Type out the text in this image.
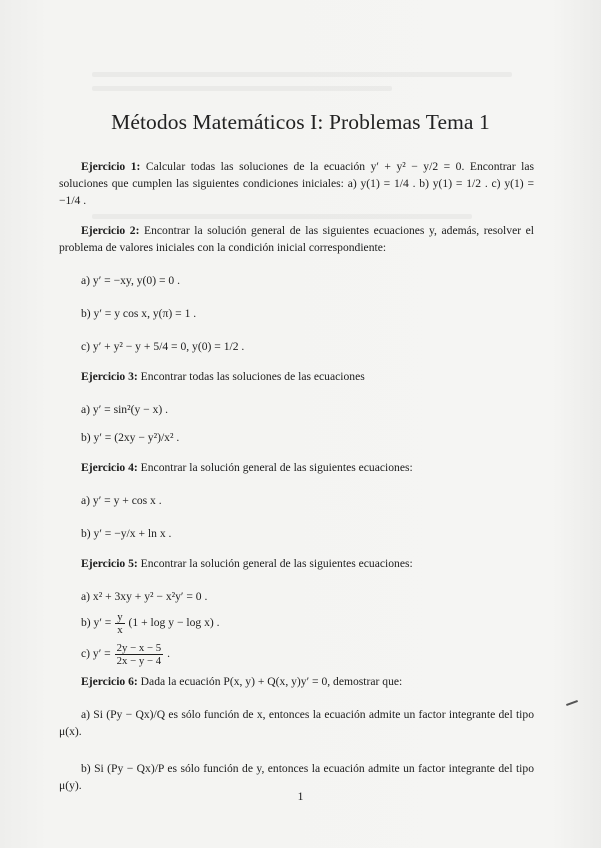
Métodos Matemáticos I: Problemas Tema 1

Ejercicio 1: Calcular todas las soluciones de la ecuación y′ + y² − y/2 = 0. Encontrar las soluciones que cumplen las siguientes condiciones iniciales: a) y(1) = 1/4 . b) y(1) = 1/2 . c) y(1) = −1/4 .

Ejercicio 2: Encontrar la solución general de las siguientes ecuaciones y, además, resolver el problema de valores iniciales con la condición inicial correspondiente:

a) y′ = −xy, y(0) = 0 .

b) y′ = y cos x, y(π) = 1 .

c) y′ + y² − y + 5/4 = 0, y(0) = 1/2 .

Ejercicio 3: Encontrar todas las soluciones de las ecuaciones

a) y′ = sin²(y − x) .

b) y′ = (2xy − y²)/x² .

Ejercicio 4: Encontrar la solución general de las siguientes ecuaciones:

a) y′ = y + cos x .

b) y′ = −y/x + ln x .

Ejercicio 5: Encontrar la solución general de las siguientes ecuaciones:

a) x² + 3xy + y² − x²y′ = 0 .

b) $y' = \frac{y}{x} (1 + \log y - \log x)$ .

c) $y' = \frac{2y - x - 5}{2x - y - 4}$ .

Ejercicio 6: Dada la ecuación P(x, y) + Q(x, y)y′ = 0, demostrar que:

a) Si (Py − Qx)/Q es sólo función de x, entonces la ecuación admite un factor integrante del tipo μ(x).

b) Si (Py − Qx)/P es sólo función de y, entonces la ecuación admite un factor integrante del tipo μ(y).

1
